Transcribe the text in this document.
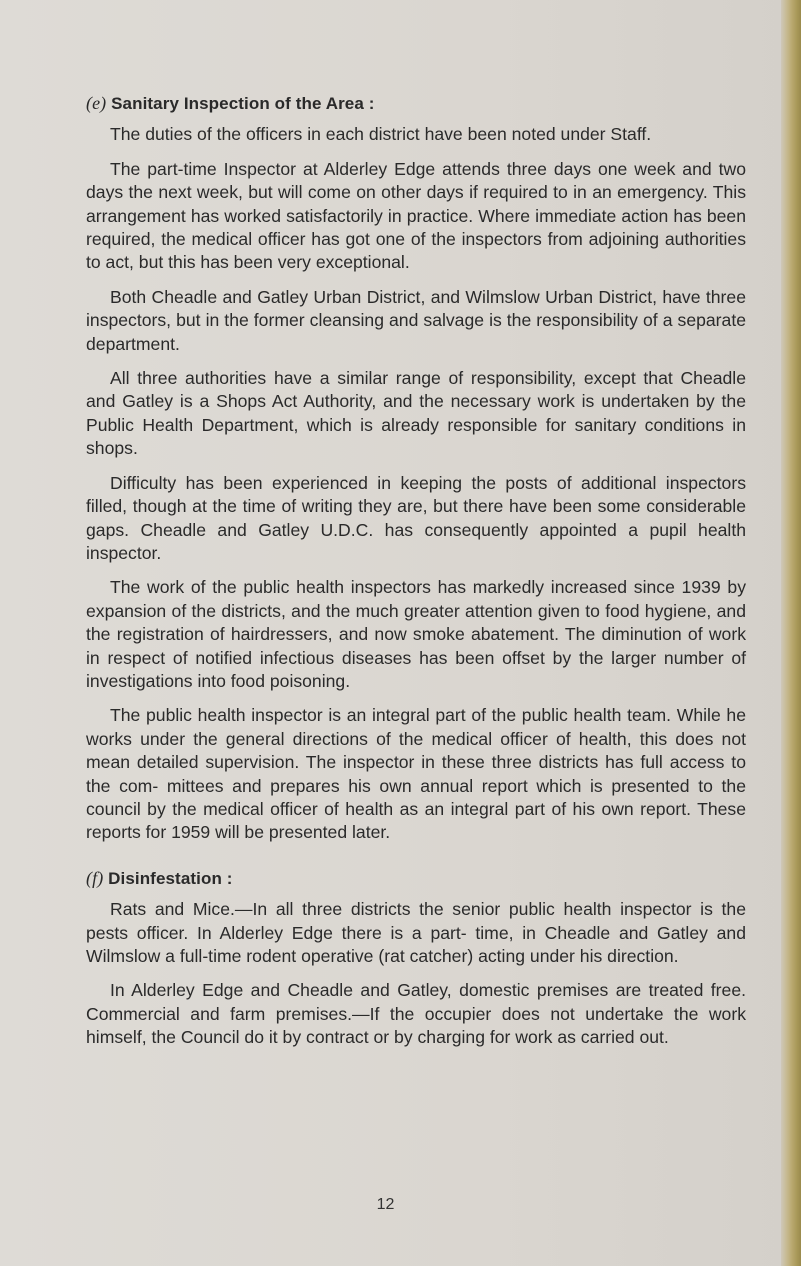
(e) Sanitary Inspection of the Area :

The duties of the officers in each district have been noted under Staff.

The part-time Inspector at Alderley Edge attends three days one week and two days the next week, but will come on other days if required to in an emergency. This arrangement has worked satisfactorily in practice. Where immediate action has been required, the medical officer has got one of the inspectors from adjoining authorities to act, but this has been very exceptional.

Both Cheadle and Gatley Urban District, and Wilmslow Urban District, have three inspectors, but in the former cleansing and salvage is the responsibility of a separate department.

All three authorities have a similar range of responsibility, except that Cheadle and Gatley is a Shops Act Authority, and the necessary work is undertaken by the Public Health Department, which is already responsible for sanitary conditions in shops.

Difficulty has been experienced in keeping the posts of additional inspectors filled, though at the time of writing they are, but there have been some considerable gaps. Cheadle and Gatley U.D.C. has consequently appointed a pupil health inspector.

The work of the public health inspectors has markedly increased since 1939 by expansion of the districts, and the much greater attention given to food hygiene, and the registration of hairdressers, and now smoke abatement. The diminution of work in respect of notified infectious diseases has been offset by the larger number of investigations into food poisoning.

The public health inspector is an integral part of the public health team. While he works under the general directions of the medical officer of health, this does not mean detailed supervision. The inspector in these three districts has full access to the com- mittees and prepares his own annual report which is presented to the council by the medical officer of health as an integral part of his own report. These reports for 1959 will be presented later.

(f) Disinfestation :

Rats and Mice.—In all three districts the senior public health inspector is the pests officer. In Alderley Edge there is a part- time, in Cheadle and Gatley and Wilmslow a full-time rodent operative (rat catcher) acting under his direction.

In Alderley Edge and Cheadle and Gatley, domestic premises are treated free. Commercial and farm premises.—If the occupier does not undertake the work himself, the Council do it by contract or by charging for work as carried out.

12
